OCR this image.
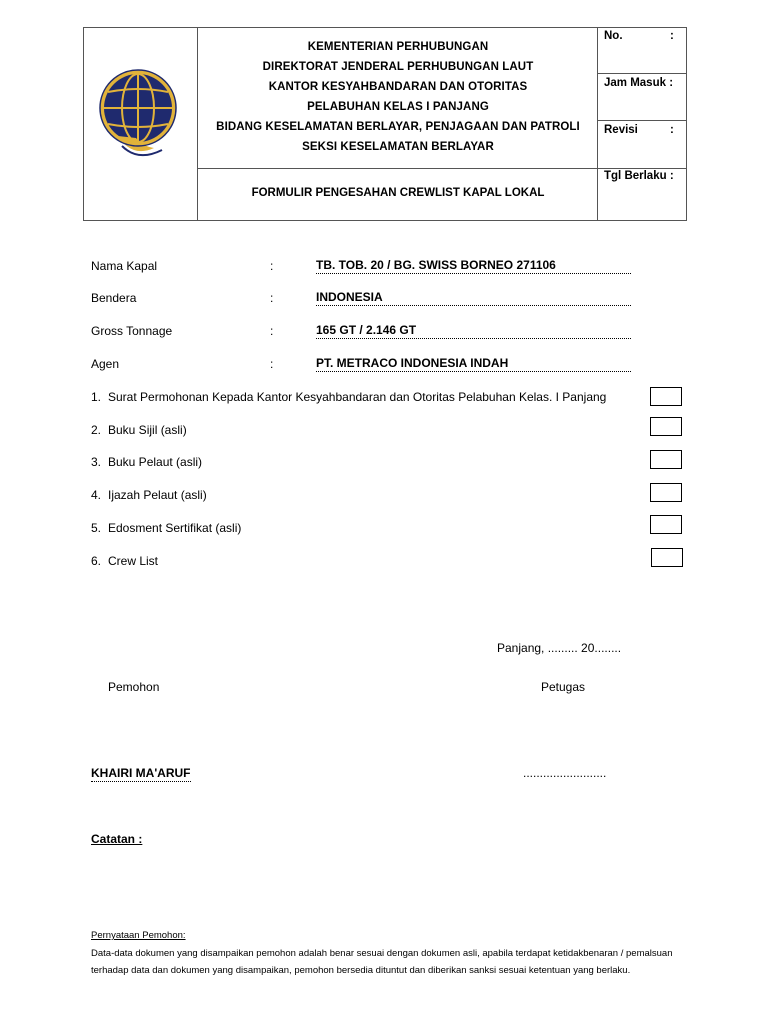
KEMENTERIAN PERHUBUNGAN
DIREKTORAT JENDERAL PERHUBUNGAN LAUT
KANTOR KESYAHBANDARAN DAN OTORITAS
PELABUHAN KELAS I PANJANG
BIDANG KESELAMATAN BERLAYAR, PENJAGAAN DAN PATROLI
SEKSI KESELAMATAN BERLAYAR
FORMULIR PENGESAHAN CREWLIST KAPAL LOKAL
No.	:
Jam Masuk :
Revisi	:
Tgl Berlaku :
Nama Kapal	:	TB. TOB. 20 / BG. SWISS BORNEO 271106
Bendera	:	INDONESIA
Gross Tonnage	:	165 GT / 2.146 GT
Agen	:	PT. METRACO INDONESIA INDAH
1. Surat Permohonan Kepada Kantor Kesyahbandaran dan Otoritas Pelabuhan Kelas. I Panjang
2. Buku Sijil (asli)
3. Buku Pelaut (asli)
4. Ijazah Pelaut (asli)
5. Edosment Sertifikat (asli)
6. Crew List
Panjang, ......... 20........
Pemohon	Petugas
KHAIRI MA'ARUF	.........................
Catatan :
Pernyataan Pemohon:
Data-data dokumen yang disampaikan pemohon adalah benar sesuai dengan dokumen asli, apabila terdapat ketidakbenaran / pemalsuan terhadap data dan dokumen yang disampaikan, pemohon bersedia dituntut dan diberikan sanksi sesuai ketentuan yang berlaku.
